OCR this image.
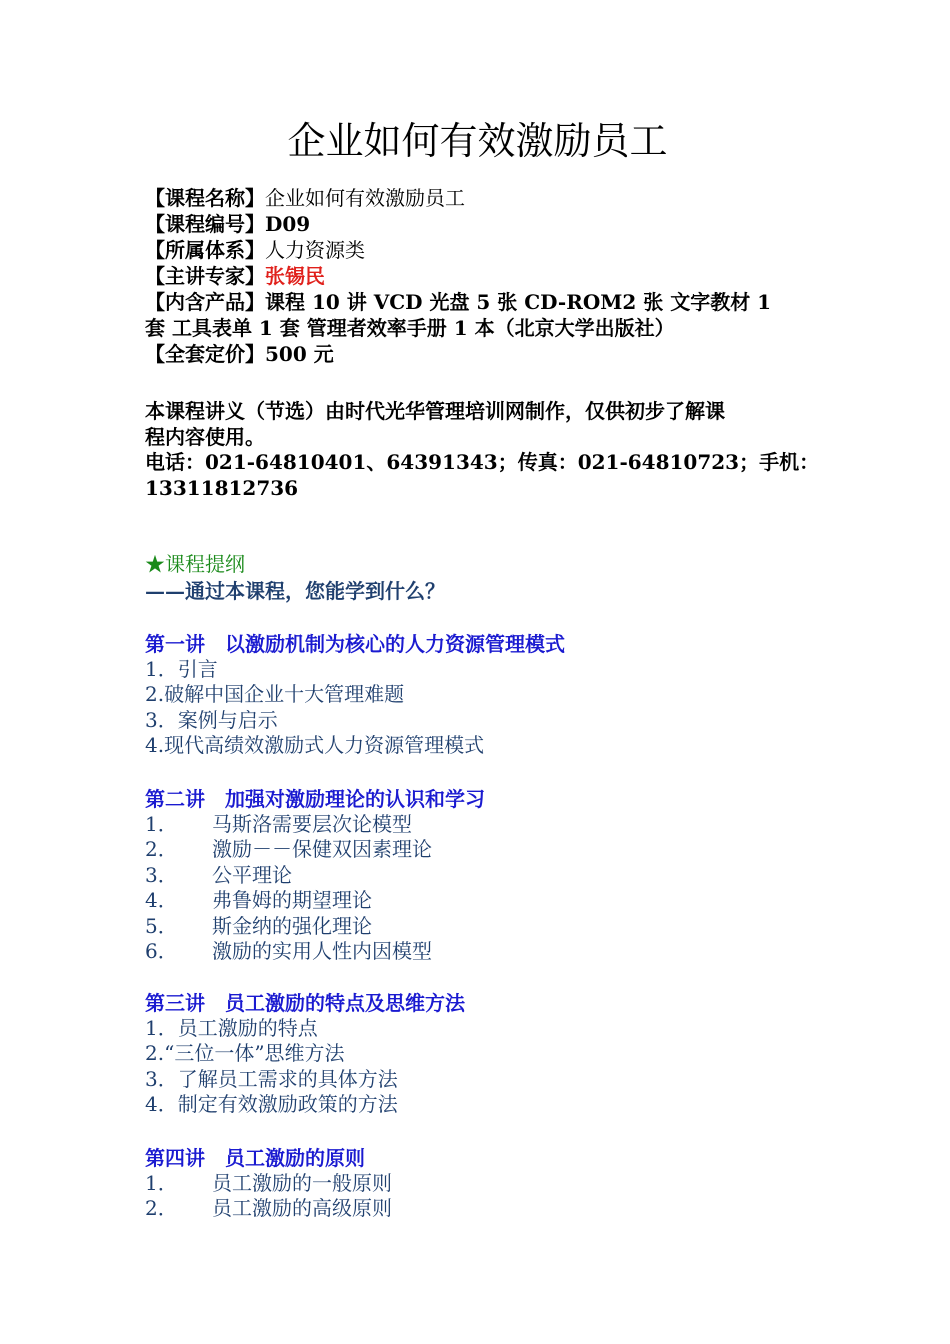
企业如何有效激励员工
【课程名称】企业如何有效激励员工
【课程编号】D09
【所属体系】人力资源类
【主讲专家】张锡民
【内含产品】课程 10 讲 VCD 光盘 5 张 CD-ROM2 张 文字教材 1
套 工具表单 1 套 管理者效率手册 1 本（北京大学出版社）
【全套定价】500 元
本课程讲义（节选）由时代光华管理培训网制作，仅供初步了解课
程内容使用。
电话：021-64810401、64391343； 传真：021-64810723； 手机：
13311812736
★课程提纲
——通过本课程，您能学到什么？
第一讲　以激励机制为核心的人力资源管理模式
1．引言
2.破解中国企业十大管理难题
3．案例与启示
4.现代高绩效激励式人力资源管理模式
第二讲　加强对激励理论的认识和学习
1． 马斯洛需要层次论模型
2． 激励－－保健双因素理论
3． 公平理论
4． 弗鲁姆的期望理论
5． 斯金纳的强化理论
6． 激励的实用人性内因模型
第三讲　员工激励的特点及思维方法
1．员工激励的特点
2.“三位一体”思维方法
3．了解员工需求的具体方法
4．制定有效激励政策的方法
第四讲　员工激励的原则
1． 员工激励的一般原则
2． 员工激励的高级原则
